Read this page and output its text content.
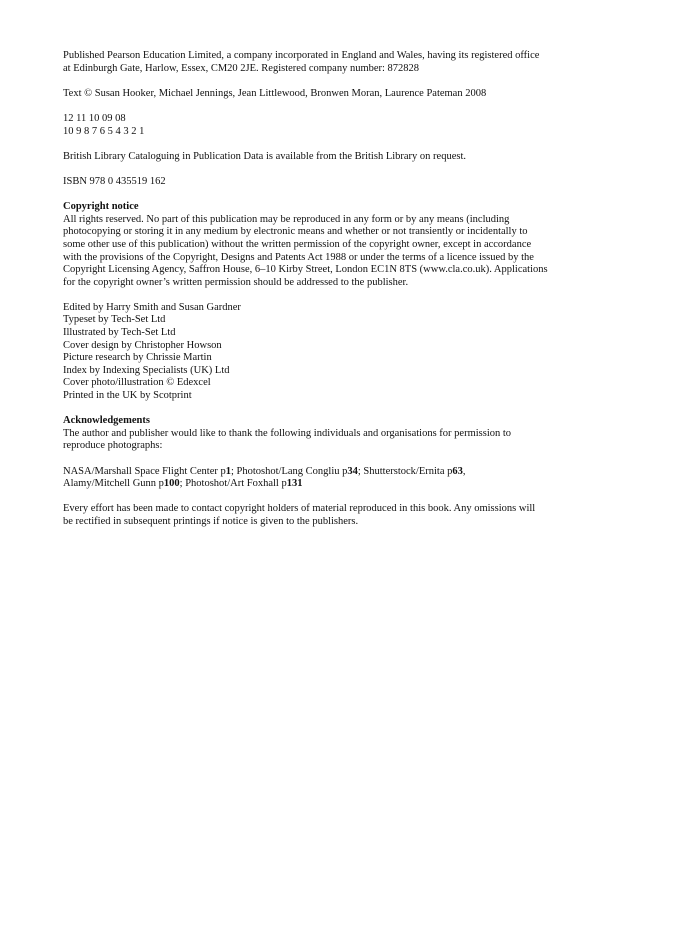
Published Pearson Education Limited, a company incorporated in England and Wales, having its registered office
at Edinburgh Gate, Harlow, Essex, CM20 2JE. Registered company number: 872828
Text © Susan Hooker, Michael Jennings, Jean Littlewood, Bronwen Moran, Laurence Pateman 2008
12 11 10 09 08
10 9 8 7 6 5 4 3 2 1
British Library Cataloguing in Publication Data is available from the British Library on request.
ISBN 978 0 435519 162
Copyright notice
All rights reserved. No part of this publication may be reproduced in any form or by any means (including
photocopying or storing it in any medium by electronic means and whether or not transiently or incidentally to
some other use of this publication) without the written permission of the copyright owner, except in accordance
with the provisions of the Copyright, Designs and Patents Act 1988 or under the terms of a licence issued by the
Copyright Licensing Agency, Saffron House, 6–10 Kirby Street, London EC1N 8TS (www.cla.co.uk). Applications
for the copyright owner’s written permission should be addressed to the publisher.
Edited by Harry Smith and Susan Gardner
Typeset by Tech-Set Ltd
Illustrated by Tech-Set Ltd
Cover design by Christopher Howson
Picture research by Chrissie Martin
Index by Indexing Specialists (UK) Ltd
Cover photo/illustration © Edexcel
Printed in the UK by Scotprint
Acknowledgements
The author and publisher would like to thank the following individuals and organisations for permission to
reproduce photographs:
NASA/Marshall Space Flight Center p1; Photoshot/Lang Congliu p34; Shutterstock/Ernita p63,
Alamy/Mitchell Gunn p100; Photoshot/Art Foxhall p131
Every effort has been made to contact copyright holders of material reproduced in this book. Any omissions will
be rectified in subsequent printings if notice is given to the publishers.
